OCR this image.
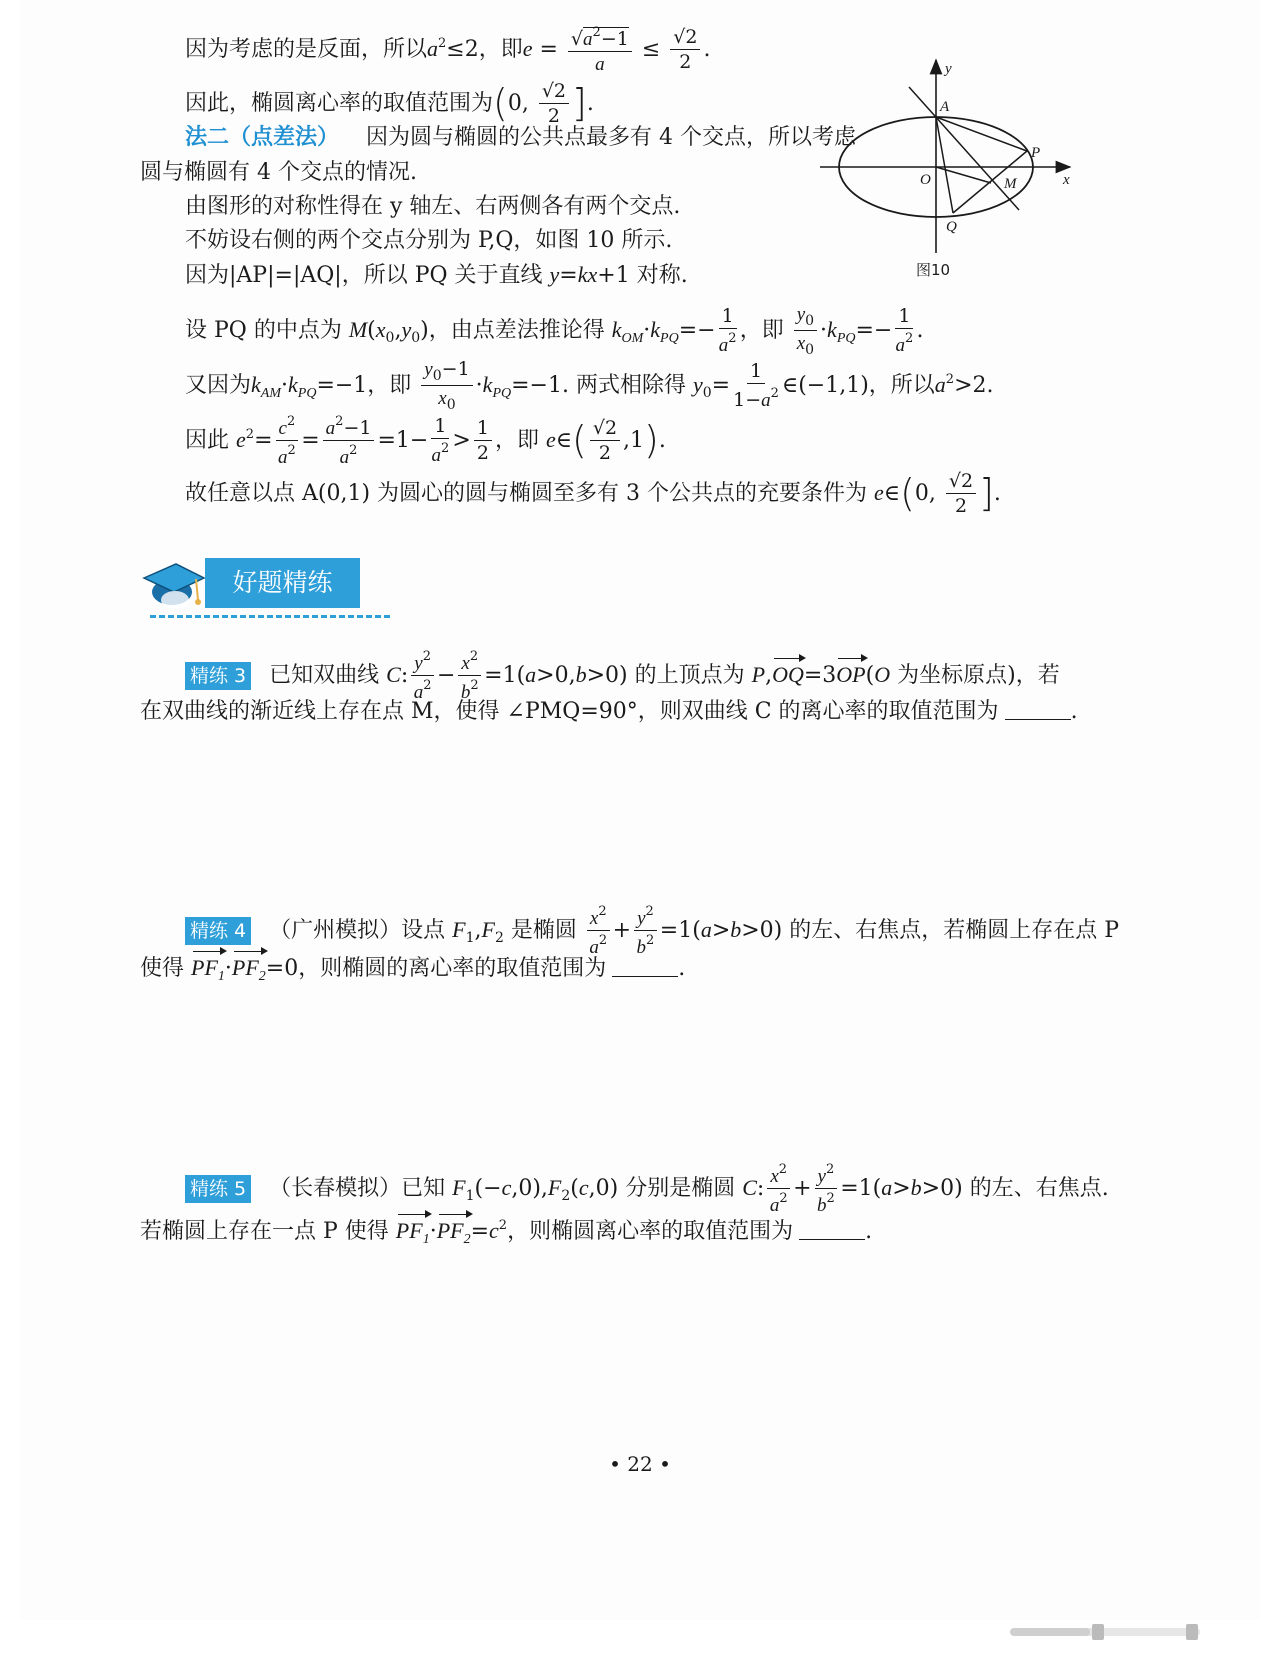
因为考虑的是反面，所以$a^2\le 2$，即$e = \frac{√a^2-1}{a} \le \frac{√2}{2}$ .
因此，椭圆离心率的取值范围为(0, $\frac{√2}{2}$ ].
法二（点差法） 因为圆与椭圆的公共点最多有 4 个交点，所以考虑
圆与椭圆有 4 个交点的情况.
由图形的对称性得在 y 轴左、右两侧各有两个交点.
不妨设右侧的两个交点分别为 P,Q，如图 10 所示.
因为|AP|=|AQ|，所以 PQ 关于直线 y=kx+1 对称.
设 PQ 的中点为 $M(x_0,y_0)$，由点差法推论得 $k_{OM}\cdot k_{PQ}=- \frac{1}{a^2}$ ，即 $\frac{y_0}{x_0} \cdot k_{PQ}=- \frac{1}{a^2}$ .
又因为$k_{AM}\cdot k_{PQ}=-1$，即 $\frac{y_0-1}{x_0} \cdot k_{PQ}=-1$. 两式相除得 $y_0= \frac{1}{1-a^2}$ ∈(−1,1)，所以$a^2>2$.
因此 $e^2= \frac{c^2}{a^2} = \frac{a^2-1}{a^2} =1- \frac{1}{a^2} > \frac{1}{2}$ ，即 e∈( $\frac{√2}{2} ,1$).
故任意以点 A(0,1) 为圆心的圆与椭圆至多有 3 个公共点的充要条件为 e∈(0, $\frac{√2}{2}$ ].
y
A
P
O	M	x
Q
图10
好题精练
精练 3 已知双曲线 C: $\frac{y^2}{a^2} - \frac{x^2}{b^2} =1(a>0,b>0)$ 的上顶点为 P,OQ=3OP(O 为坐标原点)，若
在双曲线的渐近线上存在点 M，使得 ∠PMQ=90°，则双曲线 C 的离心率的取值范围为	.
精练 4 （广州模拟）设点 $F_1,F_2$ 是椭圆 $\frac{x^2}{a^2} + \frac{y^2}{b^2} =1(a>b>0)$ 的左、右焦点，若椭圆上存在点 P
使得 $PF_1\cdot PF_2=0$，则椭圆的离心率的取值范围为	.
精练 5 （长春模拟）已知 $F_1(-c,0),F_2(c,0)$ 分别是椭圆 C: $\frac{x^2}{a^2} + \frac{y^2}{b^2} =1(a>b>0)$ 的左、右焦点.
若椭圆上存在一点 P 使得 $PF_1\cdot PF_2=c^2$，则椭圆离心率的取值范围为	.
• 22 •
